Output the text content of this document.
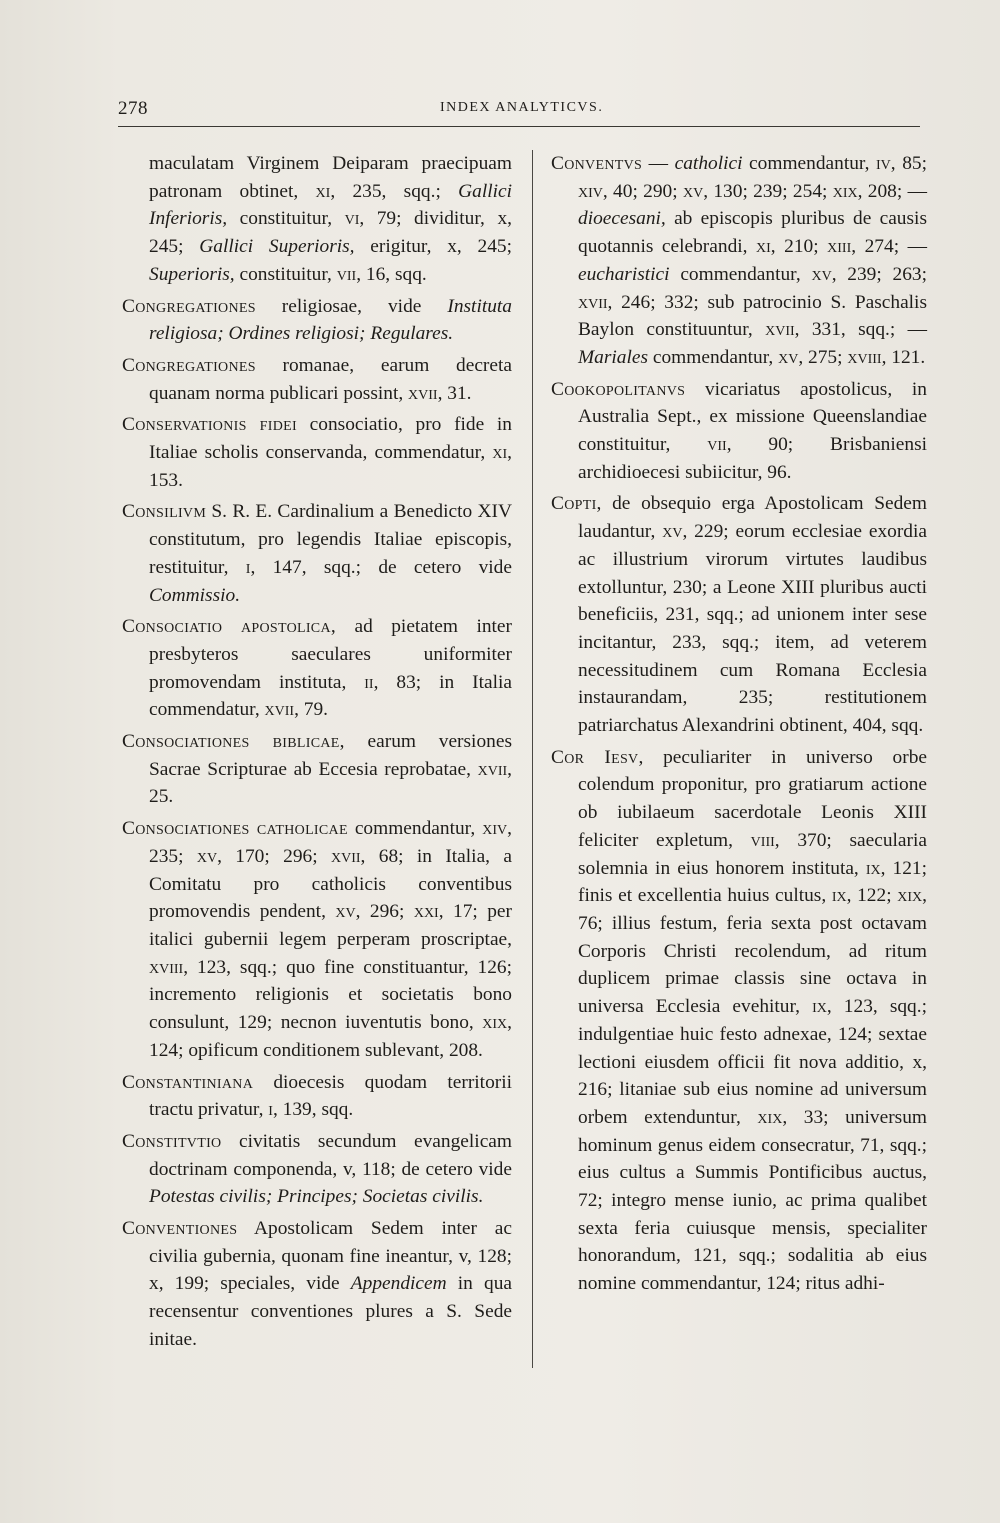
278	INDEX ANALYTICVS.

maculatam Virginem Deiparam praecipuam patronam obtinet, xi, 235, sqq.; Gallici Inferioris, constituitur, vi, 79; dividitur, x, 245; Gallici Superioris, erigitur, x, 245; Superioris, constituitur, vii, 16, sqq.

Congregationes religiosae, vide Instituta religiosa; Ordines religiosi; Regulares.

Congregationes romanae, earum decreta quanam norma publicari possint, xvii, 31.

Conservationis fidei consociatio, pro fide in Italiae scholis conservanda, commendatur, xi, 153.

Consilivm S. R. E. Cardinalium a Benedicto XIV constitutum, pro legendis Italiae episcopis, restituitur, i, 147, sqq.; de cetero vide Commissio.

Consociatio apostolica, ad pietatem inter presbyteros saeculares uniformiter promovendam instituta, ii, 83; in Italia commendatur, xvii, 79.

Consociationes biblicae, earum versiones Sacrae Scripturae ab Eccesia reprobatae, xvii, 25.

Consociationes catholicae commendantur, xiv, 235; xv, 170; 296; xvii, 68; in Italia, a Comitatu pro catholicis conventibus promovendis pendent, xv, 296; xxi, 17; per italici gubernii legem perperam proscriptae, xviii, 123, sqq.; quo fine constituantur, 126; incremento religionis et societatis bono consulunt, 129; necnon iuventutis bono, xix, 124; opificum conditionem sublevant, 208.

Constantiniana dioecesis quodam territorii tractu privatur, i, 139, sqq.

Constitvtio civitatis secundum evangelicam doctrinam componenda, v, 118; de cetero vide Potestas civilis; Principes; Societas civilis.

Conventiones Apostolicam Sedem inter ac civilia gubernia, quonam fine ineantur, v, 128; x, 199; speciales, vide Appendicem in qua recensentur conventiones plures a S. Sede initae.

Conventvs — catholici commendantur, iv, 85; xiv, 40; 290; xv, 130; 239; 254; xix, 208; — dioecesani, ab episcopis pluribus de causis quotannis celebrandi, xi, 210; xiii, 274; — eucharistici commendantur, xv, 239; 263; xvii, 246; 332; sub patrocinio S. Paschalis Baylon constituuntur, xvii, 331, sqq.; — Mariales commendantur, xv, 275; xviii, 121.

Cookopolitanvs vicariatus apostolicus, in Australia Sept., ex missione Queenslandiae constituitur, vii, 90; Brisbaniensi archidioecesi subiicitur, 96.

Copti, de obsequio erga Apostolicam Sedem laudantur, xv, 229; eorum ecclesiae exordia ac illustrium virorum virtutes laudibus extolluntur, 230; a Leone XIII pluribus aucti beneficiis, 231, sqq.; ad unionem inter sese incitantur, 233, sqq.; item, ad veterem necessitudinem cum Romana Ecclesia instaurandam, 235; restitutionem patriarchatus Alexandrini obtinent, 404, sqq.

Cor Iesv, peculiariter in universo orbe colendum proponitur, pro gratiarum actione ob iubilaeum sacerdotale Leonis XIII feliciter expletum, viii, 370; saecularia solemnia in eius honorem instituta, ix, 121; finis et excellentia huius cultus, ix, 122; xix, 76; illius festum, feria sexta post octavam Corporis Christi recolendum, ad ritum duplicem primae classis sine octava in universa Ecclesia evehitur, ix, 123, sqq.; indulgentiae huic festo adnexae, 124; sextae lectioni eiusdem officii fit nova additio, x, 216; litaniae sub eius nomine ad universum orbem extenduntur, xix, 33; universum hominum genus eidem consecratur, 71, sqq.; eius cultus a Summis Pontificibus auctus, 72; integro mense iunio, ac prima qualibet sexta feria cuiusque mensis, specialiter honorandum, 121, sqq.; sodalitia ab eius nomine commendantur, 124; ritus adhi-
